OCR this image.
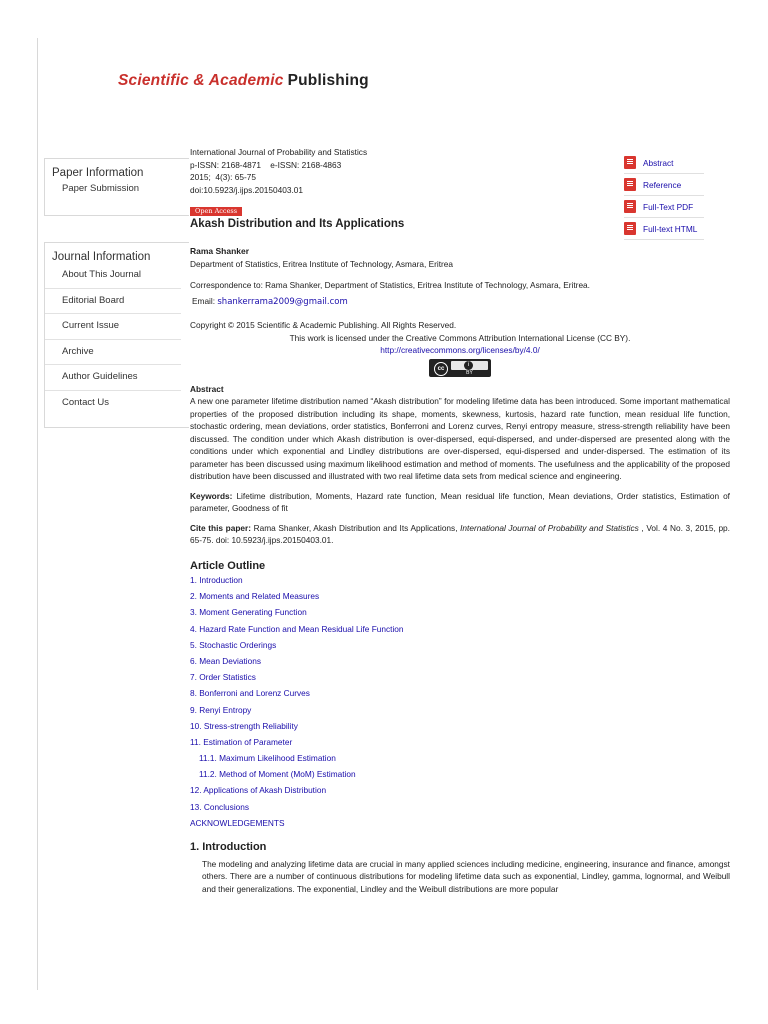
Scientific & Academic Publishing
Paper Information
Paper Submission
Journal Information
About This Journal
Editorial Board
Current Issue
Archive
Author Guidelines
Contact Us
Abstract
Reference
Full-Text PDF
Full-text HTML
International Journal of Probability and Statistics
p-ISSN: 2168-4871    e-ISSN: 2168-4863
2015;  4(3): 65-75
doi:10.5923/j.ijps.20150403.01
Open Access
Akash Distribution and Its Applications
Rama Shanker
Department of Statistics, Eritrea Institute of Technology, Asmara, Eritrea
Correspondence to: Rama Shanker, Department of Statistics, Eritrea Institute of Technology, Asmara, Eritrea.
Email: shankerrama2009@gmail.com
Copyright © 2015 Scientific & Academic Publishing. All Rights Reserved.
This work is licensed under the Creative Commons Attribution International License (CC BY).
http://creativecommons.org/licenses/by/4.0/
cc
i
BY
Abstract
A new one parameter lifetime distribution named “Akash distribution” for modeling lifetime data has been introduced. Some important mathematical properties of the proposed distribution including its shape, moments, skewness, kurtosis, hazard rate function, mean residual life function, stochastic ordering, mean deviations, order statistics, Bonferroni and Lorenz curves, Renyi entropy measure, stress-strength reliability have been discussed. The condition under which Akash distribution is over-dispersed, equi-dispersed, and under-dispersed are presented along with the conditions under which exponential and Lindley distributions are over-dispersed, equi-dispersed and under-dispersed. The estimation of its parameter has been discussed using maximum likelihood estimation and method of moments. The usefulness and the applicability of the proposed distribution have been discussed and illustrated with two real lifetime data sets from medical science and engineering.
Keywords: Lifetime distribution, Moments, Hazard rate function, Mean residual life function, Mean deviations, Order statistics, Estimation of parameter, Goodness of fit
Cite this paper: Rama Shanker, Akash Distribution and Its Applications, International Journal of Probability and Statistics , Vol. 4 No. 3, 2015, pp. 65-75. doi: 10.5923/j.ijps.20150403.01.
Article Outline
1. Introduction
2. Moments and Related Measures
3. Moment Generating Function
4. Hazard Rate Function and Mean Residual Life Function
5. Stochastic Orderings
6. Mean Deviations
7. Order Statistics
8. Bonferroni and Lorenz Curves
9. Renyi Entropy
10. Stress-strength Reliability
11. Estimation of Parameter
11.1. Maximum Likelihood Estimation
11.2. Method of Moment (MoM) Estimation
12. Applications of Akash Distribution
13. Conclusions
ACKNOWLEDGEMENTS
1. Introduction
The modeling and analyzing lifetime data are crucial in many applied sciences including medicine, engineering, insurance and finance, amongst others. There are a number of continuous distributions for modeling lifetime data such as exponential, Lindley, gamma, lognormal, and Weibull and their generalizations. The exponential, Lindley and the Weibull distributions are more popular
